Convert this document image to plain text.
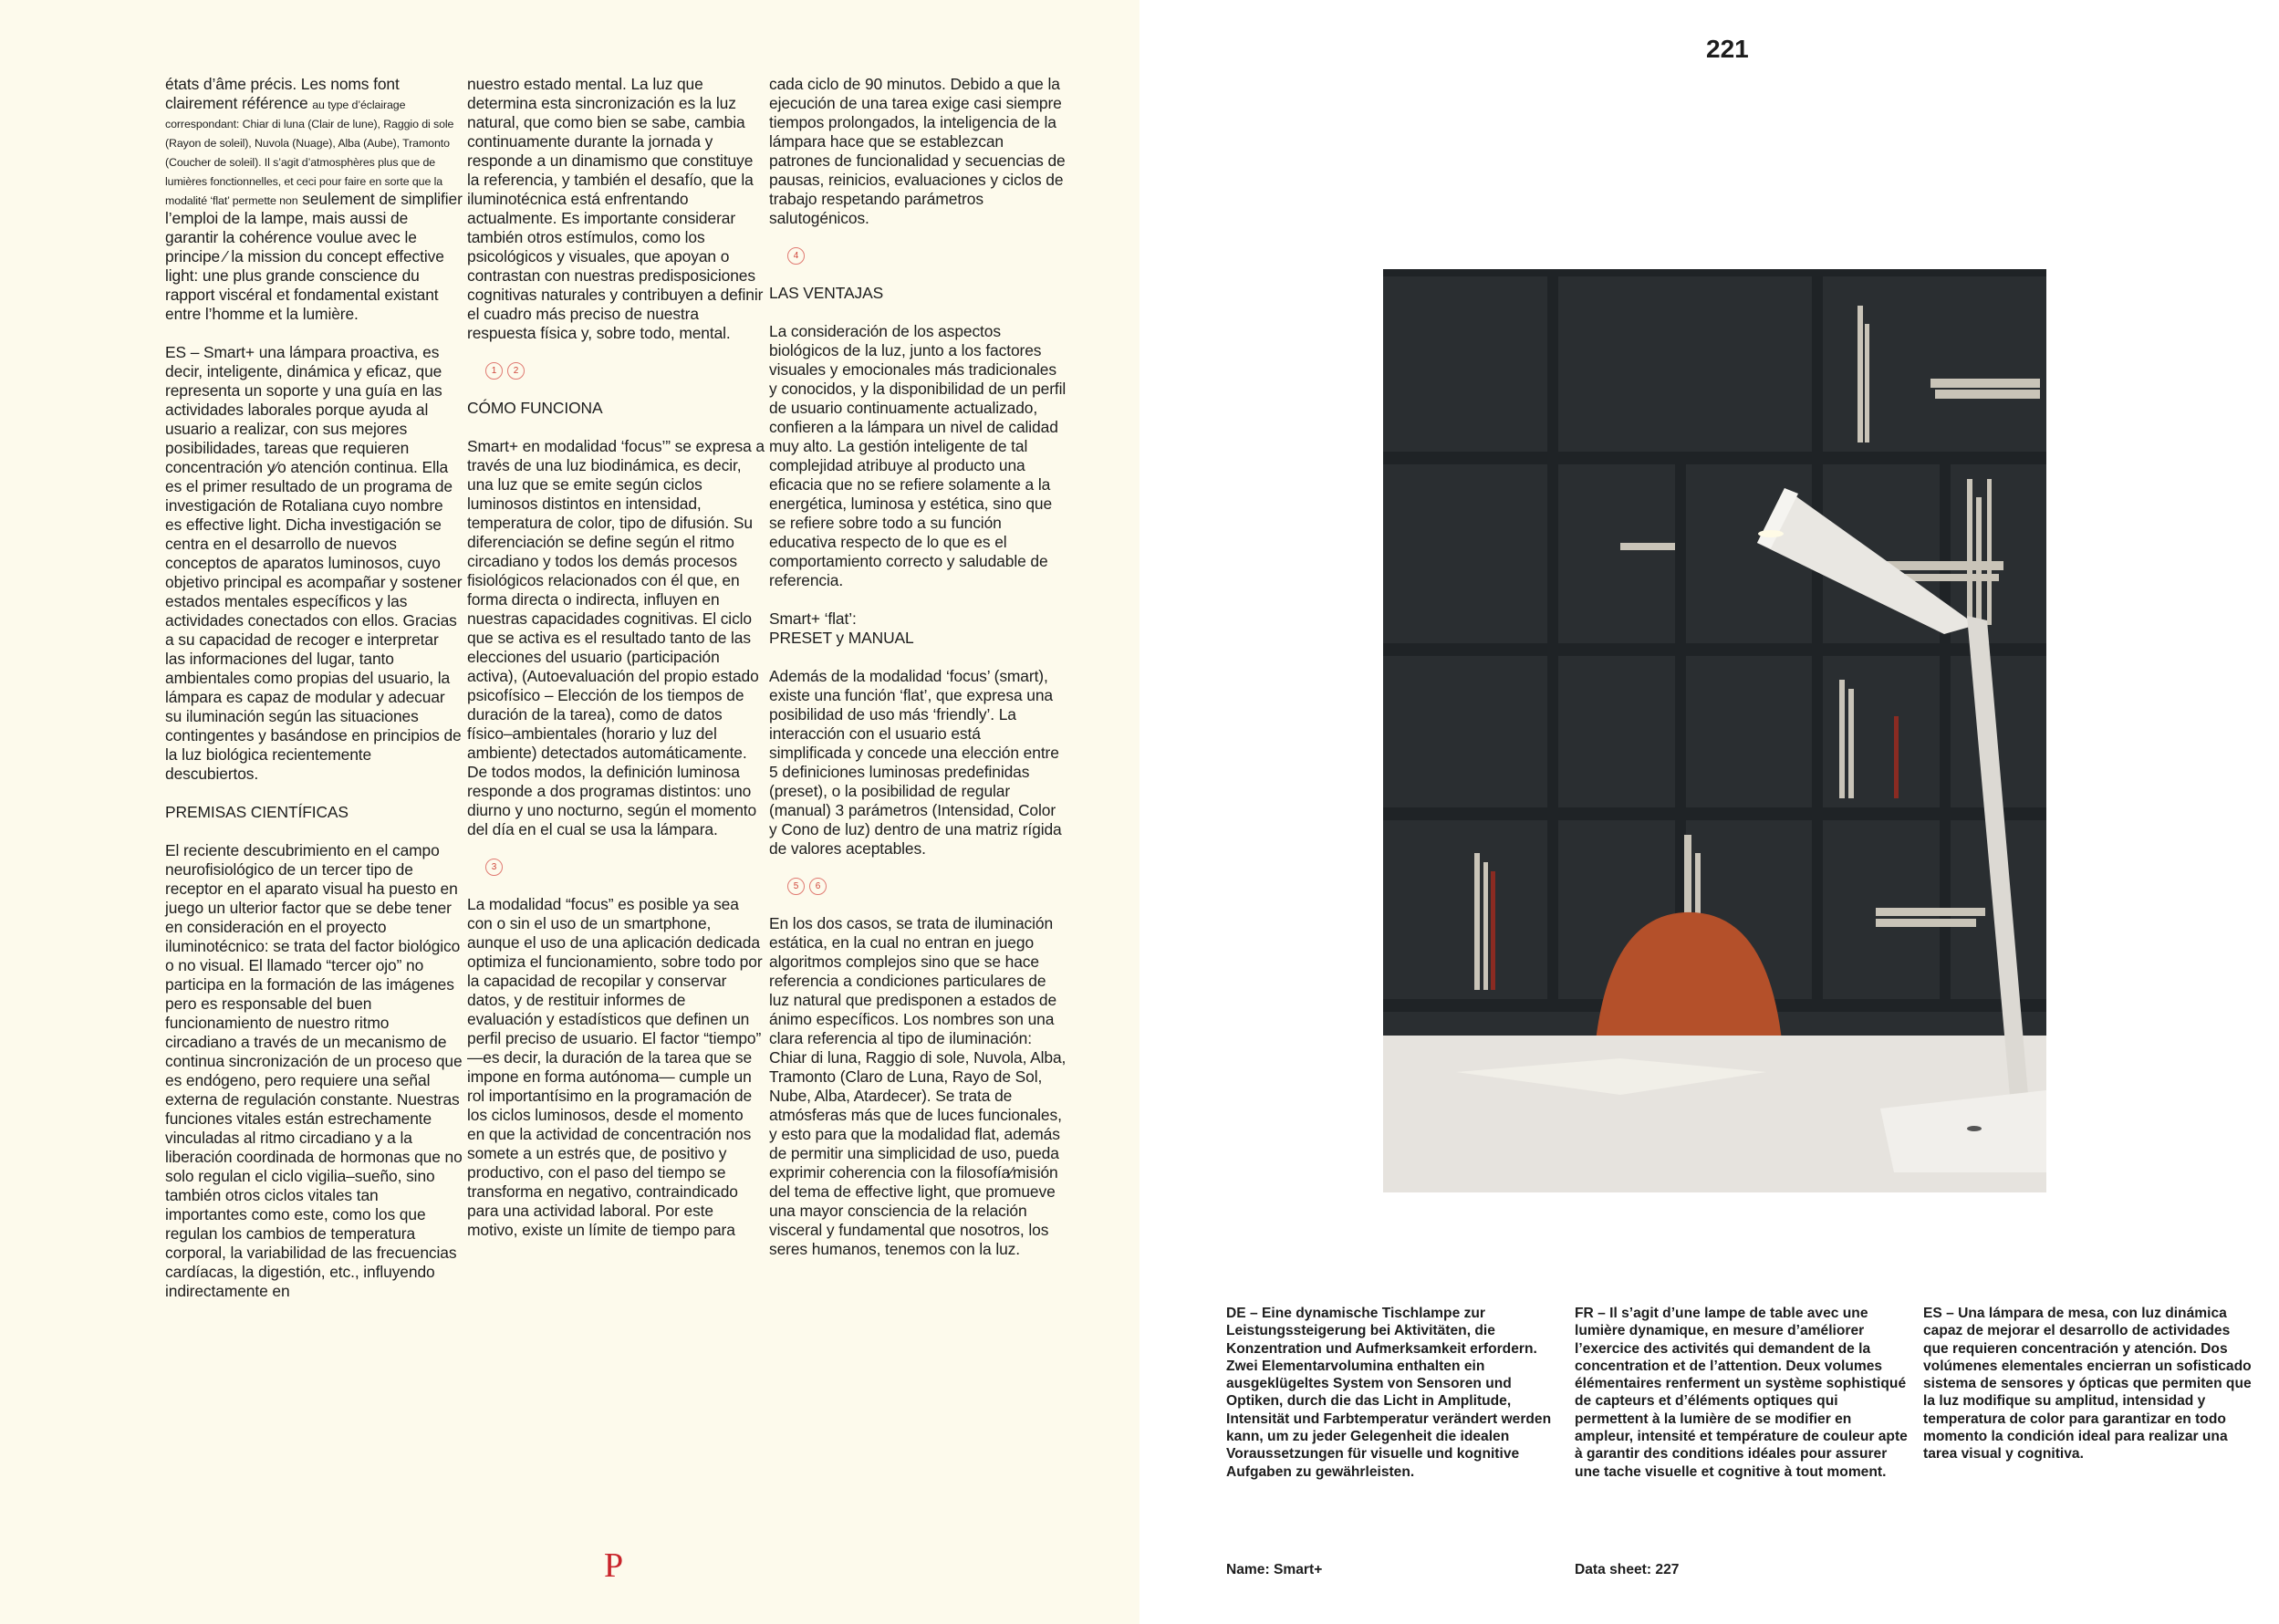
états d’âme précis. Les noms font clairement référence au type d’éclairage correspondant: Chiar di luna (Clair de lune), Raggio di sole (Rayon de soleil), Nuvola (Nuage), Alba (Aube), Tramonto (Coucher de soleil). Il s’agit d’atmosphères plus que de lumières fonctionnelles, et ceci pour faire en sorte que la modalité ‘flat’ permette non seulement de simplifier l’emploi de la lampe, mais aussi de garantir la cohérence voulue avec le principe ⁄ la mission du concept effective light: une plus grande conscience du rapport viscéral et fondamental existant entre l’homme et la lumière.

ES – Smart+ una lámpara proactiva, es decir, inteligente, dinámica y eficaz, que representa un soporte y una guía en las actividades laborales porque ayuda al usuario a realizar, con sus mejores posibilidades, tareas que requieren concentración y⁄o atención continua. Ella es el primer resultado de un programa de investigación de Rotaliana cuyo nombre es effective light. Dicha investigación se centra en el desarrollo de nuevos conceptos de aparatos luminosos, cuyo objetivo principal es acompañar y sostener estados mentales específicos y las actividades conectados con ellos. Gracias a su capacidad de recoger e interpretar las informaciones del lugar, tanto ambientales como propias del usuario, la lámpara es capaz de modular y adecuar su iluminación según las situaciones contingentes y basándose en principios de la luz biológica recientemente descubiertos.

PREMISAS CIENTÍFICAS

El reciente descubrimiento en el campo neurofisiológico de un tercer tipo de receptor en el aparato visual ha puesto en juego un ulterior factor que se debe tener en consideración en el proyecto iluminotécnico: se trata del factor biológico o no visual. El llamado “tercer ojo” no participa en la formación de las imágenes pero es responsable del buen funcionamiento de nuestro ritmo circadiano a través de un mecanismo de continua sincronización de un proceso que es endógeno, pero requiere una señal externa de regulación constante. Nuestras funciones vitales están estrechamente vinculadas al ritmo circadiano y a la liberación coordinada de hormonas que no solo regulan el ciclo vigilia–sueño, sino también otros ciclos vitales tan importantes como este, como los que regulan los cambios de temperatura corporal, la variabilidad de las frecuencias cardíacas, la digestión, etc., influyendo indirectamente en

nuestro estado mental. La luz que determina esta sincronización es la luz natural, que como bien se sabe, cambia continuamente durante la jornada y responde a un dinamismo que constituye la referencia, y también el desafío, que la iluminotécnica está enfrentando actualmente. Es importante considerar también otros estímulos, como los psicológicos y visuales, que apoyan o contrastan con nuestras predisposiciones cognitivas naturales y contribuyen a definir el cuadro más preciso de nuestra respuesta física y, sobre todo, mental.

1	2

CÓMO FUNCIONA

Smart+ en modalidad ‘focus’” se expresa a través de una luz biodinámica, es decir, una luz que se emite según ciclos luminosos distintos en intensidad, temperatura de color, tipo de difusión. Su diferenciación se define según el ritmo circadiano y todos los demás procesos fisiológicos relacionados con él que, en forma directa o indirecta, influyen en nuestras capacidades cognitivas. El ciclo que se activa es el resultado tanto de las elecciones del usuario (participación activa), (Autoevaluación del propio estado psicofísico – Elección de los tiempos de duración de la tarea), como de datos físico–ambientales (horario y luz del ambiente) detectados automáticamente. De todos modos, la definición luminosa responde a dos programas distintos: uno diurno y uno nocturno, según el momento del día en el cual se usa la lámpara.

3

La modalidad “focus” es posible ya sea con o sin el uso de un smartphone, aunque el uso de una aplicación dedicada optimiza el funcionamiento, sobre todo por la capacidad de recopilar y conservar datos, y de restituir informes de evaluación y estadísticos que definen un perfil preciso de usuario. El factor “tiempo” —es decir, la duración de la tarea que se impone en forma autónoma— cumple un rol importantísimo en la programación de los ciclos luminosos, desde el momento en que la actividad de concentración nos somete a un estrés que, de positivo y productivo, con el paso del tiempo se transforma en negativo, contraindicado para una actividad laboral. Por este motivo, existe un límite de tiempo para

cada ciclo de 90 minutos. Debido a que la ejecución de una tarea exige casi siempre tiempos prolongados, la inteligencia de la lámpara hace que se establezcan patrones de funcionalidad y secuencias de pausas, reinicios, evaluaciones y ciclos de trabajo respetando parámetros salutogénicos.

4

LAS VENTAJAS

La consideración de los aspectos biológicos de la luz, junto a los factores visuales y emocionales más tradicionales y conocidos, y la disponibilidad de un perfil de usuario continuamente actualizado, confieren a la lámpara un nivel de calidad muy alto. La gestión inteligente de tal complejidad atribuye al producto una eficacia que no se refiere solamente a la energética, luminosa y estética, sino que se refiere sobre todo a su función educativa respecto de lo que es el comportamiento correcto y saludable de referencia.

Smart+ ‘flat’:
PRESET y MANUAL

Además de la modalidad ‘focus’ (smart), existe una función ‘flat’, que expresa una posibilidad de uso más ‘friendly’. La interacción con el usuario está simplificada y concede una elección entre 5 definiciones luminosas predefinidas (preset), o la posibilidad de regular (manual) 3 parámetros (Intensidad, Color y Cono de luz) dentro de una matriz rígida de valores aceptables.

5	6

En los dos casos, se trata de iluminación estática, en la cual no entran en juego algoritmos complejos sino que se hace referencia a condiciones particulares de luz natural que predisponen a estados de ánimo específicos. Los nombres son una clara referencia al tipo de iluminación: Chiar di luna, Raggio di sole, Nuvola, Alba, Tramonto (Claro de Luna, Rayo de Sol, Nube, Alba, Atardecer). Se trata de atmósferas más que de luces funcionales, y esto para que la modalidad flat, además de permitir una simplicidad de uso, pueda exprimir coherencia con la filosofía⁄misión del tema de effective light, que promueve una mayor consciencia de la relación visceral y fundamental que nosotros, los seres humanos, tenemos con la luz.

P
221
DE – Eine dynamische Tischlampe zur Leistungssteigerung bei Aktivitäten, die Konzentration und Aufmerksamkeit erfordern. Zwei Elementarvolumina enthalten ein ausgeklügeltes System von Sensoren und Optiken, durch die das Licht in Amplitude, Intensität und Farbtemperatur verändert werden kann, um zu jeder Gelegenheit die idealen Voraussetzungen für visuelle und kognitive Aufgaben zu gewährleisten.
FR – Il s’agit d’une lampe de table avec une lumière dynamique, en mesure d’améliorer l’exercice des activités qui demandent de la concentration et de l’attention. Deux volumes élémentaires renferment un système sophistiqué de capteurs et d’éléments optiques qui permettent à la lumière de se modifier en ampleur, intensité et température de couleur apte à garantir des conditions idéales pour assurer une tache visuelle et cognitive à tout moment.
ES – Una lámpara de mesa, con luz dinámica capaz de mejorar el desarrollo de actividades que requieren concentración y atención. Dos volúmenes elementales encierran un sofisticado sistema de sensores y ópticas que permiten que la luz modifique su amplitud, intensidad y temperatura de color para garantizar en todo momento la condición ideal para realizar una tarea visual y cognitiva.
Name: Smart+	Data sheet: 227
